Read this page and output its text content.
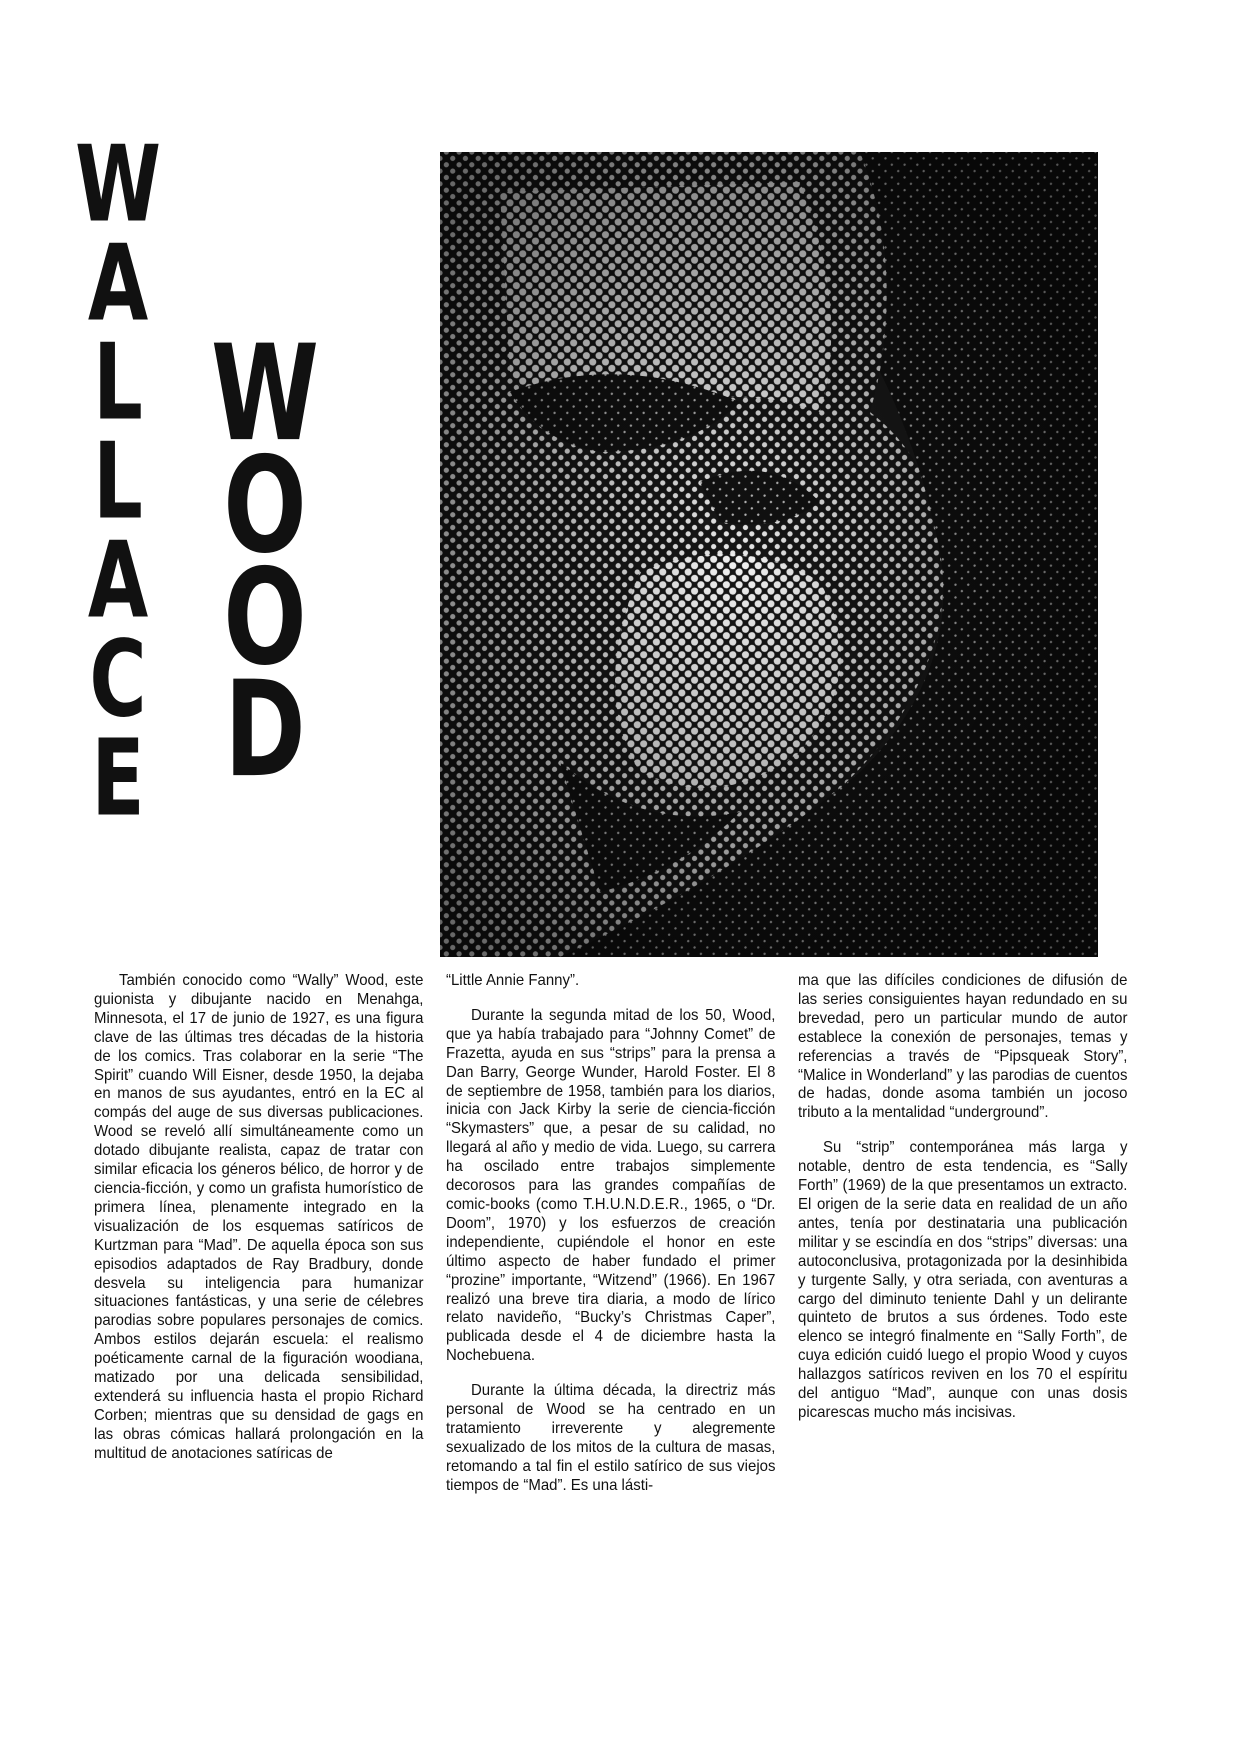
W
A
L
L
A
C
E
W
O
O
D

También conocido como “Wally” Wood, este guionista y dibujante nacido en Menahga, Minnesota, el 17 de junio de 1927, es una figura clave de las últimas tres décadas de la historia de los comics. Tras colaborar en la serie “The Spirit” cuando Will Eisner, desde 1950, la dejaba en manos de sus ayudantes, entró en la EC al compás del auge de sus diversas publicaciones. Wood se reveló allí simultáneamente como un dotado dibujante realista, capaz de tratar con similar eficacia los géneros bélico, de horror y de ciencia-ficción, y como un grafista humorístico de primera línea, plenamente integrado en la visualización de los esquemas satíricos de Kurtzman para “Mad”. De aquella época son sus episodios adaptados de Ray Bradbury, donde desvela su inteligencia para humanizar situaciones fantásticas, y una serie de célebres parodias sobre populares personajes de comics. Ambos estilos dejarán escuela: el realismo poéticamente carnal de la figuración woodiana, matizado por una delicada sensibilidad, extenderá su influencia hasta el propio Richard Corben; mientras que su densidad de gags en las obras cómicas hallará prolongación en la multitud de anotaciones satíricas de

“Little Annie Fanny”.

Durante la segunda mitad de los 50, Wood, que ya había trabajado para “Johnny Comet” de Frazetta, ayuda en sus “strips” para la prensa a Dan Barry, George Wunder, Harold Foster. El 8 de septiembre de 1958, también para los diarios, inicia con Jack Kirby la serie de ciencia-ficción “Skymasters” que, a pesar de su calidad, no llegará al año y medio de vida. Luego, su carrera ha oscilado entre trabajos simplemente decorosos para las grandes compañías de comic-books (como T.H.U.N.D.E.R., 1965, o “Dr. Doom”, 1970) y los esfuerzos de creación independiente, cupiéndole el honor en este último aspecto de haber fundado el primer “prozine” importante, “Witzend” (1966). En 1967 realizó una breve tira diaria, a modo de lírico relato navideño, “Bucky’s Christmas Caper”, publicada desde el 4 de diciembre hasta la Nochebuena.

Durante la última década, la directriz más personal de Wood se ha centrado en un tratamiento irreverente y alegremente sexualizado de los mitos de la cultura de masas, retomando a tal fin el estilo satírico de sus viejos tiempos de “Mad”. Es una lásti-

ma que las difíciles condiciones de difusión de las series consiguientes hayan redundado en su brevedad, pero un particular mundo de autor establece la conexión de personajes, temas y referencias a través de “Pipsqueak Story”, “Malice in Wonderland” y las parodias de cuentos de hadas, donde asoma también un jocoso tributo a la mentalidad “underground”.

Su “strip” contemporánea más larga y notable, dentro de esta tendencia, es “Sally Forth” (1969) de la que presentamos un extracto. El origen de la serie data en realidad de un año antes, tenía por destinataria una publicación militar y se escindía en dos “strips” diversas: una autoconclusiva, protagonizada por la desinhibida y turgente Sally, y otra seriada, con aventuras a cargo del diminuto teniente Dahl y un delirante quinteto de brutos a sus órdenes. Todo este elenco se integró finalmente en “Sally Forth”, de cuya edición cuidó luego el propio Wood y cuyos hallazgos satíricos reviven en los 70 el espíritu del antiguo “Mad”, aunque con unas dosis picarescas mucho más incisivas.
